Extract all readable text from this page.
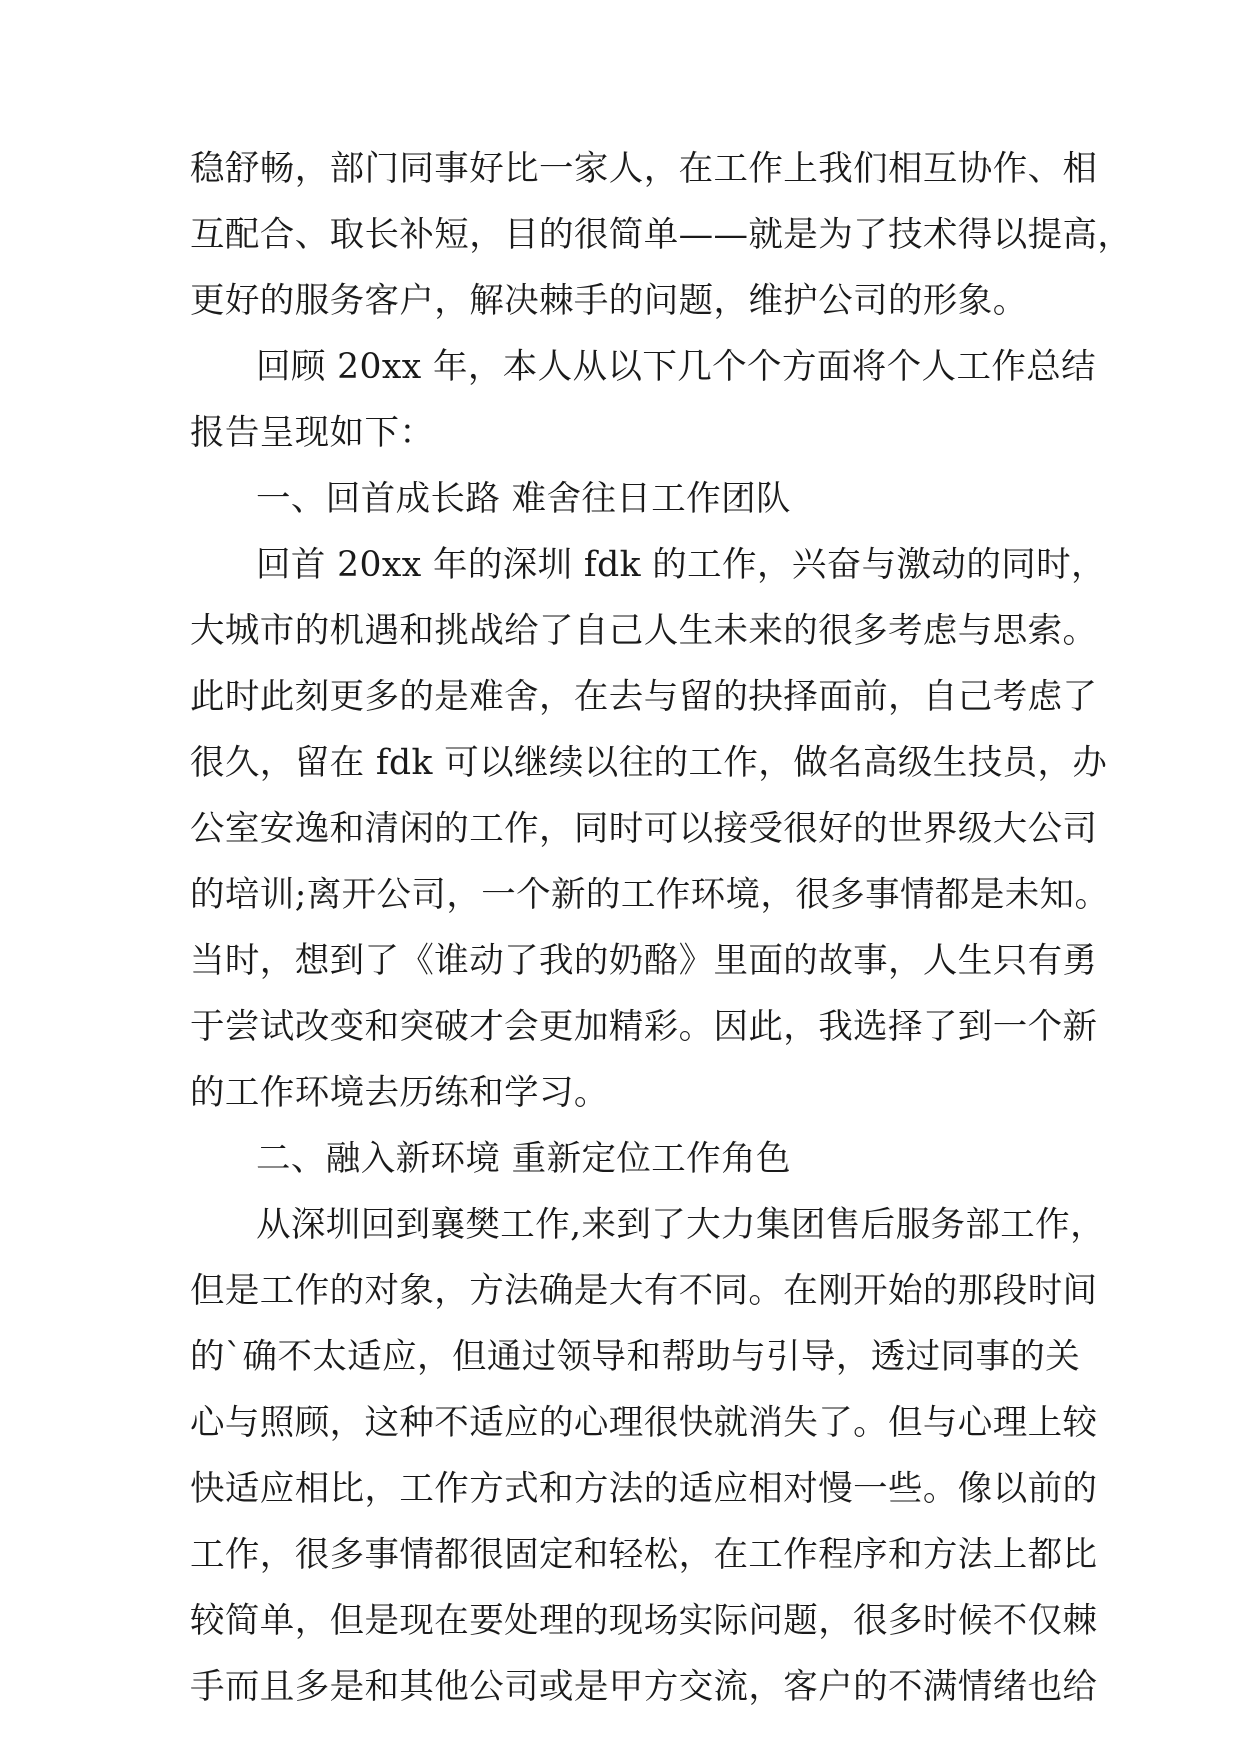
稳舒畅，部门同事好比一家人，在工作上我们相互协作、相
互配合、取长补短，目的很简单——就是为了技术得以提高，
更好的服务客户，解决棘手的问题，维护公司的形象。
回顾 20xx 年，本人从以下几个个方面将个人工作总结
报告呈现如下：
一、回首成长路 难舍往日工作团队
回首 20xx 年的深圳 fdk 的工作，兴奋与激动的同时，
大城市的机遇和挑战给了自己人生未来的很多考虑与思索。
此时此刻更多的是难舍，在去与留的抉择面前，自己考虑了
很久，留在 fdk 可以继续以往的工作，做名高级生技员，办
公室安逸和清闲的工作，同时可以接受很好的世界级大公司
的培训;离开公司，一个新的工作环境，很多事情都是未知。
当时，想到了《谁动了我的奶酪》里面的故事，人生只有勇
于尝试改变和突破才会更加精彩。因此，我选择了到一个新
的工作环境去历练和学习。
二、融入新环境 重新定位工作角色
从深圳回到襄樊工作,来到了大力集团售后服务部工作，
但是工作的对象，方法确是大有不同。在刚开始的那段时间
的`确不太适应，但通过领导和帮助与引导，透过同事的关
心与照顾，这种不适应的心理很快就消失了。但与心理上较
快适应相比，工作方式和方法的适应相对慢一些。像以前的
工作，很多事情都很固定和轻松，在工作程序和方法上都比
较简单，但是现在要处理的现场实际问题，很多时候不仅棘
手而且多是和其他公司或是甲方交流，客户的不满情绪也给
